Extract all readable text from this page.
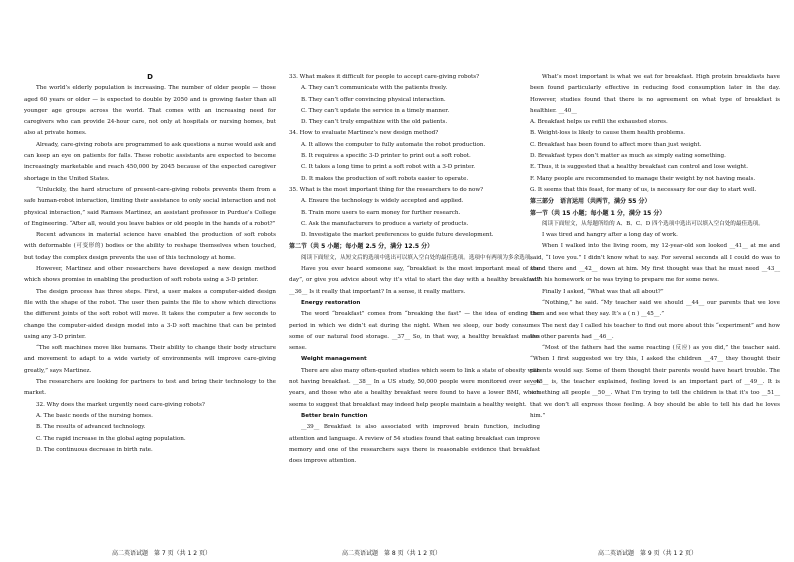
D

The world’s elderly population is increasing. The number of older people — those aged 60 years or older — is expected to double by 2050 and is growing faster than all younger age groups across the world. That comes with an increasing need for caregivers who can provide 24-hour care, not only at hospitals or nursing homes, but also at private homes.

Already, care-giving robots are programmed to ask questions a nurse would ask and can keep an eye on patients for falls. These robotic assistants are expected to become increasingly marketable and reach 450,000 by 2045 because of the expected caregiver shortage in the United States.

“Unluckily, the hard structure of present-care-giving robots prevents them from a safe human-robot interaction, limiting their assistance to only social interaction and not physical interaction,” said Ramses Martinez, an assistant professor in Purdue’s College of Engineering. “After all, would you leave babies or old people in the hands of a robot?”

Recent advances in material science have enabled the production of soft robots with deformable (可变形的) bodies or the ability to reshape themselves when touched, but today the complex design prevents the use of this technology at home.

However, Martinez and other researchers have developed a new design method which shows promise in enabling the production of soft robots using a 3-D printer.

The design process has three steps. First, a user makes a computer-aided design file with the shape of the robot. The user then paints the file to show which directions the different joints of the soft robot will move. It takes the computer a few seconds to change the computer-aided design model into a 3-D soft machine that can be printed using any 3-D printer.

“The soft machines move like humans. Their ability to change their body structure and movement to adapt to a wide variety of environments will improve care-giving greatly,” says Martinez.

The researchers are looking for partners to test and bring their technology to the market.

32. Why does the market urgently need care-giving robots?

A. The basic needs of the nursing homes.

B. The results of advanced technology.

C. The rapid increase in the global aging population.

D. The continuous decrease in birth rate.

33. What makes it difficult for people to accept care-giving robots?

A. They can’t communicate with the patients freely.

B. They can’t offer convincing physical interaction.

C. They can’t update the service in a timely manner.

D. They can’t truly empathize with the old patients.

34. How to evaluate Martinez’s new design method?

A. It allows the computer to fully automate the robot production.

B. It requires a specific 3-D printer to print out a soft robot.

C. It takes a long time to print a soft robot with a 3-D printer.

D. It makes the production of soft robots easier to operate.

35. What is the most important thing for the researchers to do now?

A. Ensure the technology is widely accepted and applied.

B. Train more users to earn money for further research.

C. Ask the manufacturers to produce a variety of products.

D. Investigate the market preferences to guide future development.

第二节（共 5 小题；每小题 2.5 分，满分 12.5 分）

阅读下面短文，从短文后的选项中选出可以填入空白处的最佳选项。选项中有两项为多余选项。

Have you ever heard someone say, “breakfast is the most important meal of the day”, or give you advice about why it’s vital to start the day with a healthy breakfast? __36__ Is it really that important? In a sense, it really matters.

Energy restoration

The word “breakfast” comes from “breaking the fast” — the idea of ending the period in which we didn’t eat during the night. When we sleep, our body consumes some of our natural food storage. __37__ So, in that way, a healthy breakfast makes sense.

Weight management

There are also many often-quoted studies which seem to link a state of obesity with not having breakfast. __38__ In a US study, 50,000 people were monitored over seven years, and those who ate a healthy breakfast were found to have a lower BMI, which seems to suggest that breakfast may indeed help people maintain a healthy weight.

Better brain function

__39__ Breakfast is also associated with improved brain function, including attention and language. A review of 54 studies found that eating breakfast can improve memory and one of the researchers says there is reasonable evidence that breakfast does improve attention.

What’s most important is what we eat for breakfast. High protein breakfasts have been found particularly effective in reducing food consumption later in the day. However, studies found that there is no agreement on what type of breakfast is healthier. __40__

A. Breakfast helps us refill the exhausted stores.

B. Weight-loss is likely to cause them health problems.

C. Breakfast has been found to affect more than just weight.

D. Breakfast types don’t matter as much as simply eating something.

E. Thus, it is suggested that a healthy breakfast can control and lose weight.

F. Many people are recommended to manage their weight by not having meals.

G. It seems that this feast, for many of us, is necessary for our day to start well.

第三部分　语言运用（共两节，满分 55 分）

第一节（共 15 小题；每小题 1 分，满分 15 分）

阅读下面短文，从每题所给的 A、B、C、D 四个选项中选出可以填入空白处的最佳选项。

I was tired and hangry after a long day of work.

When I walked into the living room, my 12-year-old son looked __41__ at me and said, “I love you.” I didn’t know what to say. For several seconds all I could do was to stand there and __42__ down at him. My first thought was that he must need __43__ with his homework or he was trying to prepare me for some news.

Finally I asked, “What was that all about?”

“Nothing,” he said. “My teacher said we should __44__ our parents that we love them and see what they say. It’s a ( n ) __45__.”

The next day I called his teacher to find out more about this “experiment” and how the other parents had __46__.

“Most of the fathers had the same reacting (反应) as you did,” the teacher said. “When I first suggested we try this, I asked the children __47__ they thought their parents would say. Some of them thought their parents would have heart trouble. The __48__ is, the teacher explained, feeling loved is an important part of __49__. It is something all people __50__. What I’m trying to tell the children is that it’s too __51__ that we don’t all express those feeling. A boy should be able to tell his dad he loves him.”

高二英语试题　第 7 页（共 1 2 页）	高二英语试题　第 8 页（共 1 2 页）	高二英语试题　第 9 页（共 1 2 页）
